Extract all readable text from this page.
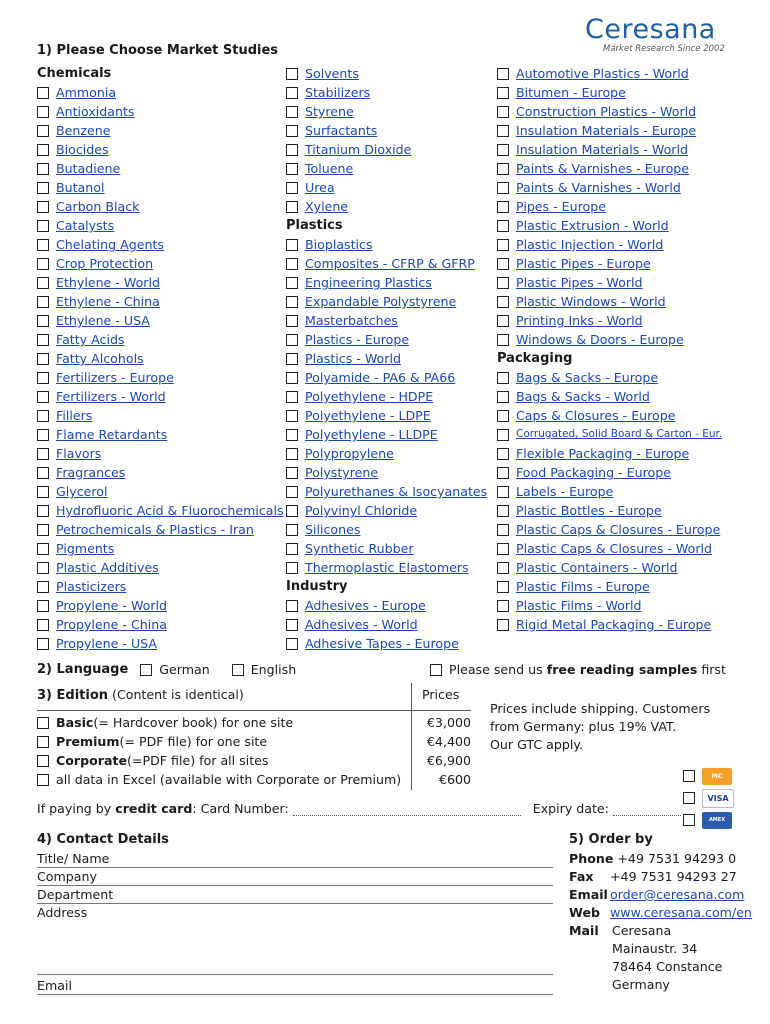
Ceresana
Market Research Since 2002
1) Please Choose Market Studies
Chemicals
Ammonia
Antioxidants
Benzene
Biocides
Butadiene
Butanol
Carbon Black
Catalysts
Chelating Agents
Crop Protection
Ethylene - World
Ethylene - China
Ethylene - USA
Fatty Acids
Fatty Alcohols
Fertilizers - Europe
Fertilizers - World
Fillers
Flame Retardants
Flavors
Fragrances
Glycerol
Hydrofluoric Acid & Fluorochemicals
Petrochemicals & Plastics - Iran
Pigments
Plastic Additives
Plasticizers
Propylene - World
Propylene - China
Propylene - USA
Solvents
Stabilizers
Styrene
Surfactants
Titanium Dioxide
Toluene
Urea
Xylene
Plastics
Bioplastics
Composites - CFRP & GFRP
Engineering Plastics
Expandable Polystyrene
Masterbatches
Plastics - Europe
Plastics - World
Polyamide - PA6 & PA66
Polyethylene - HDPE
Polyethylene - LDPE
Polyethylene - LLDPE
Polypropylene
Polystyrene
Polyurethanes & Isocyanates
Polyvinyl Chloride
Silicones
Synthetic Rubber
Thermoplastic Elastomers
Industry
Adhesives - Europe
Adhesives - World
Adhesive Tapes - Europe
Automotive Plastics - World
Bitumen - Europe
Construction Plastics - World
Insulation Materials - Europe
Insulation Materials - World
Paints & Varnishes - Europe
Paints & Varnishes - World
Pipes - Europe
Plastic Extrusion - World
Plastic Injection - World
Plastic Pipes - Europe
Plastic Pipes - World
Plastic Windows - World
Printing Inks - World
Windows & Doors - Europe
Packaging
Bags & Sacks - Europe
Bags & Sacks - World
Caps & Closures - Europe
Corrugated, Solid Board & Carton - Eur.
Flexible Packaging - Europe
Food Packaging - Europe
Labels - Europe
Plastic Bottles - Europe
Plastic Caps & Closures - Europe
Plastic Caps & Closures - World
Plastic Containers - World
Plastic Films - Europe
Plastic Films - World
Rigid Metal Packaging - Europe
2) Language German	English	Please send us free reading samples first
3) Edition (Content is identical)	Prices
Basic (= Hardcover book) for one site	€3,000
Premium (= PDF file) for one site	€4,400
Corporate (=PDF file) for all sites	€6,900
all data in Excel (available with Corporate or Premium)	€600
Prices include shipping. Customers
from Germany: plus 19% VAT.
Our GTC apply.
MC
VISA
AMEX
If paying by credit card: Card Number:	Expiry date:
4) Contact Details
Title/ Name
Company
Department
Address
Email
5) Order by
Phone +49 7531 94293 0
Fax +49 7531 94293 27
Email order@ceresana.com
Web www.ceresana.com/en
Mail	Ceresana
Mainaustr. 34
78464 Constance
Germany
